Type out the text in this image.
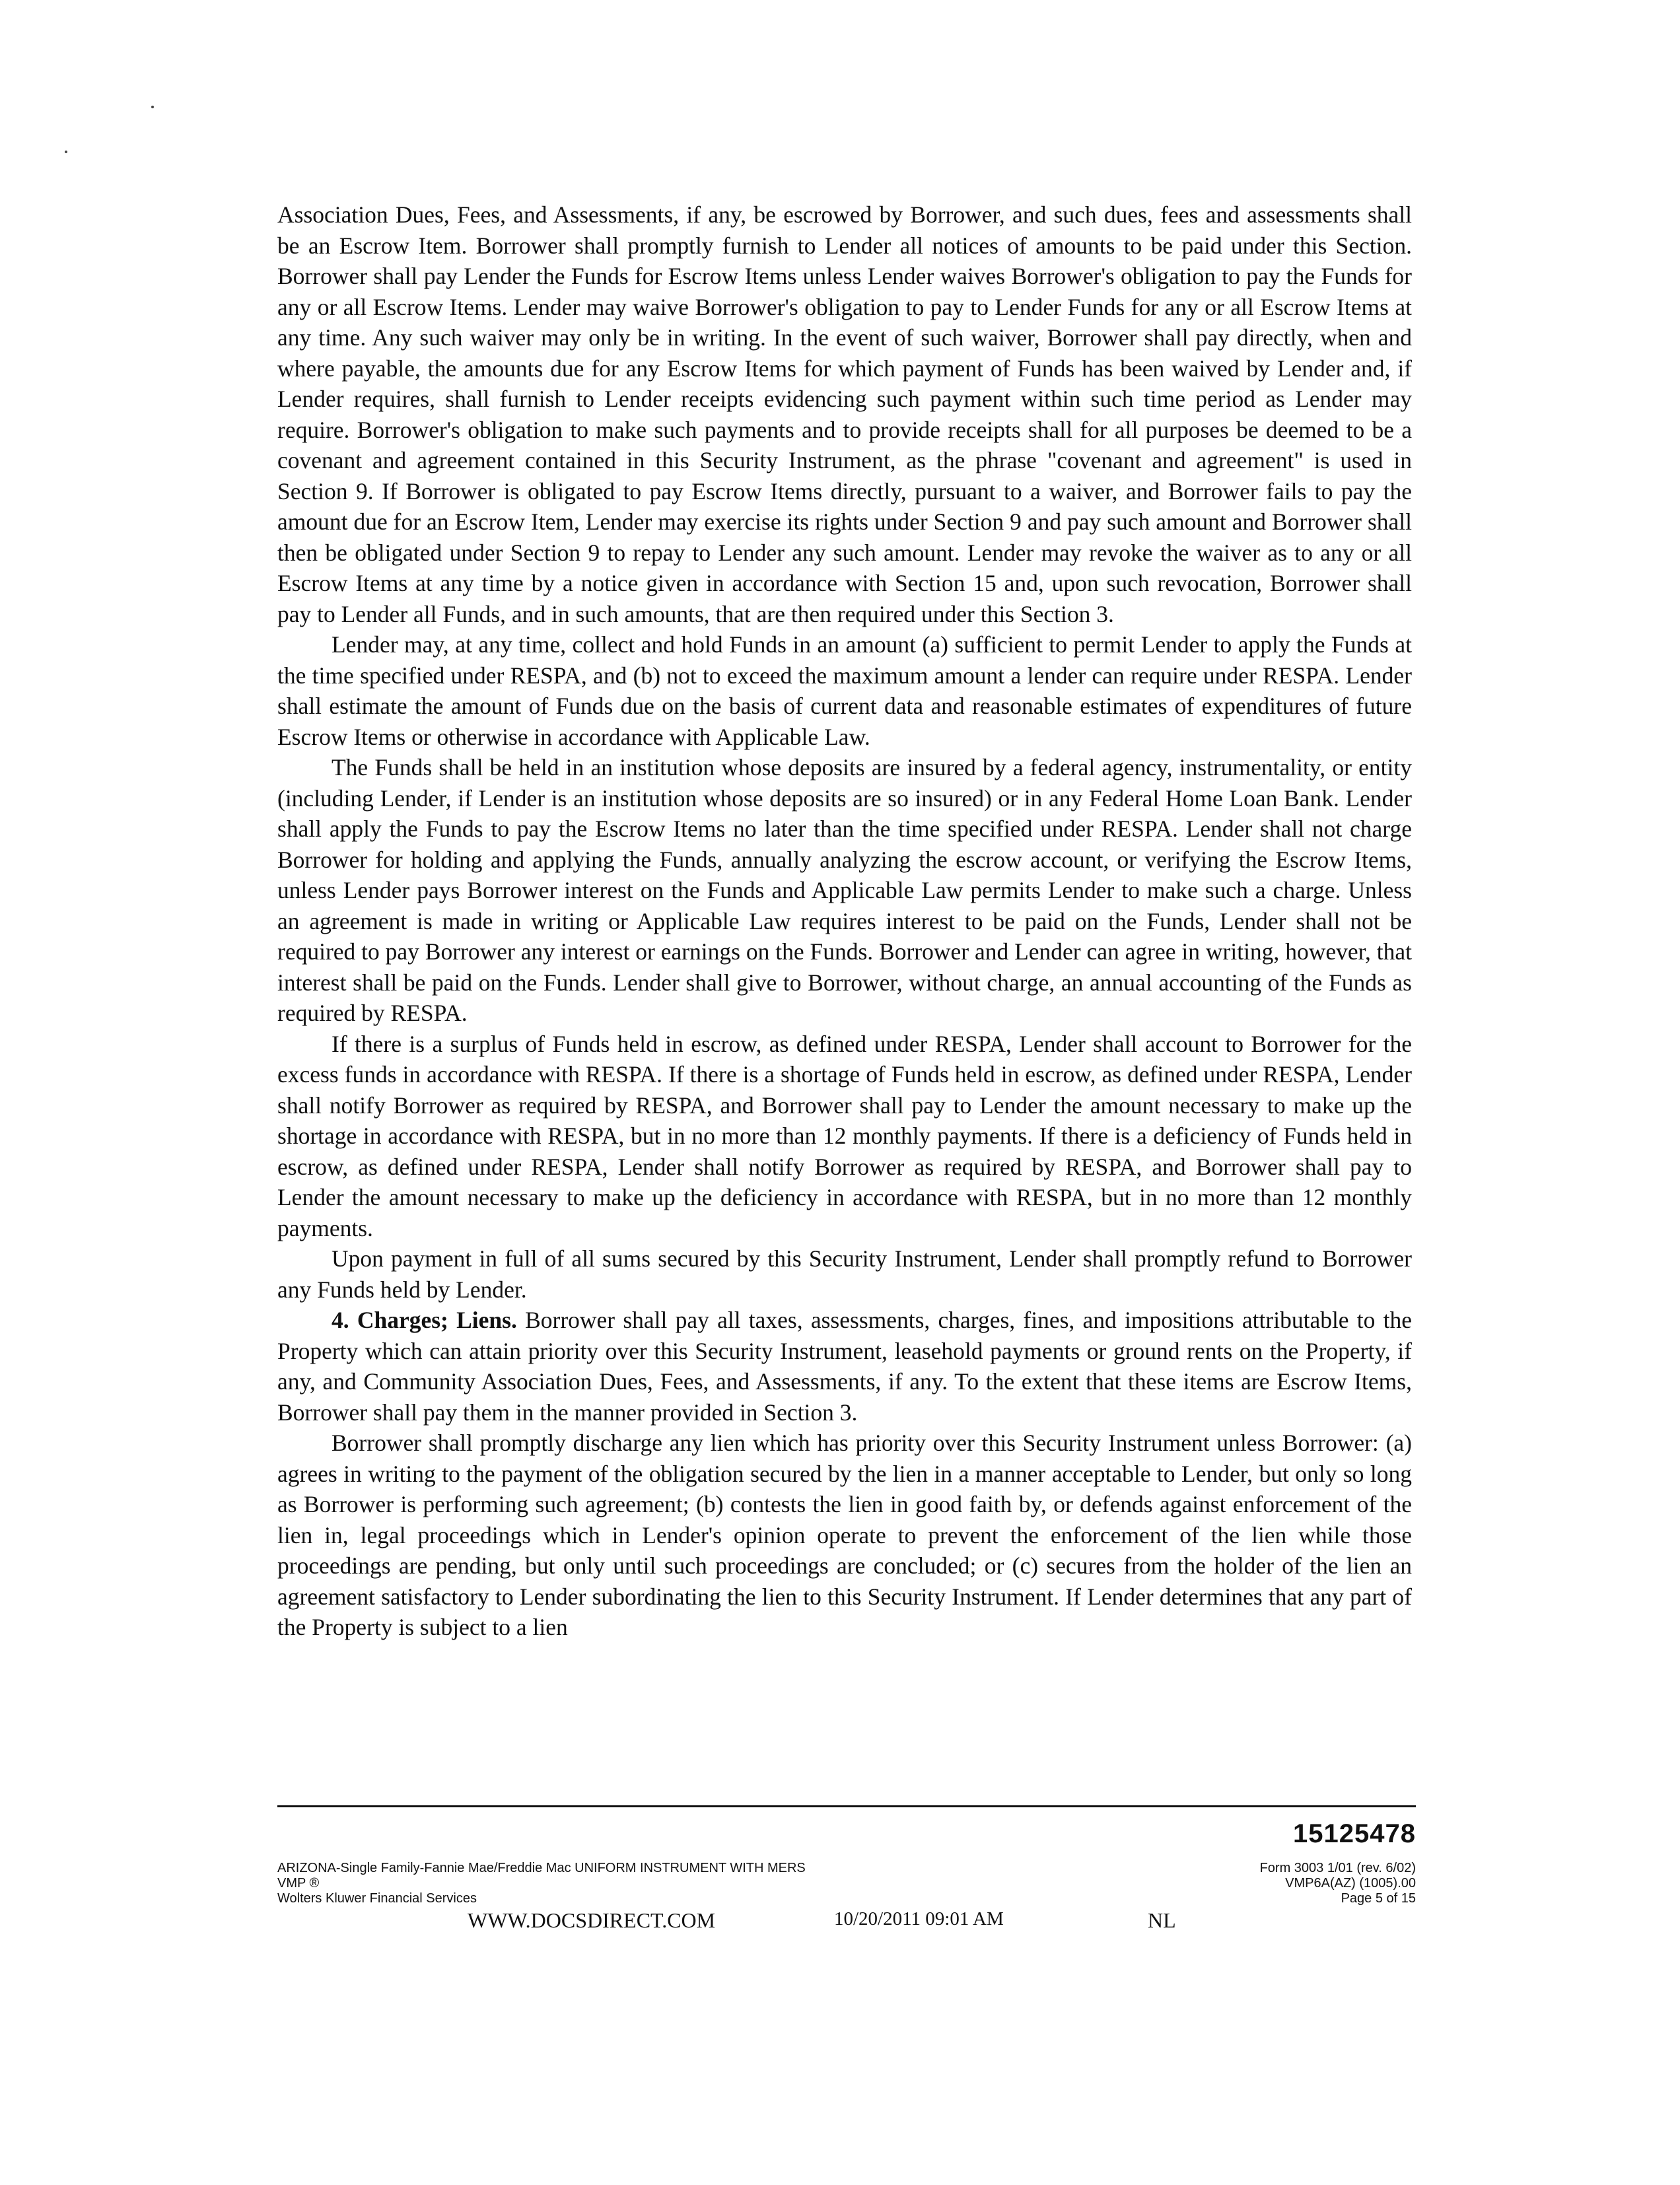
Association Dues, Fees, and Assessments, if any, be escrowed by Borrower, and such dues, fees and assessments shall be an Escrow Item. Borrower shall promptly furnish to Lender all notices of amounts to be paid under this Section. Borrower shall pay Lender the Funds for Escrow Items unless Lender waives Borrower's obligation to pay the Funds for any or all Escrow Items. Lender may waive Borrower's obligation to pay to Lender Funds for any or all Escrow Items at any time. Any such waiver may only be in writing. In the event of such waiver, Borrower shall pay directly, when and where payable, the amounts due for any Escrow Items for which payment of Funds has been waived by Lender and, if Lender requires, shall furnish to Lender receipts evidencing such payment within such time period as Lender may require. Borrower's obligation to make such payments and to provide receipts shall for all purposes be deemed to be a covenant and agreement contained in this Security Instrument, as the phrase "covenant and agreement" is used in Section 9. If Borrower is obligated to pay Escrow Items directly, pursuant to a waiver, and Borrower fails to pay the amount due for an Escrow Item, Lender may exercise its rights under Section 9 and pay such amount and Borrower shall then be obligated under Section 9 to repay to Lender any such amount. Lender may revoke the waiver as to any or all Escrow Items at any time by a notice given in accordance with Section 15 and, upon such revocation, Borrower shall pay to Lender all Funds, and in such amounts, that are then required under this Section 3.

Lender may, at any time, collect and hold Funds in an amount (a) sufficient to permit Lender to apply the Funds at the time specified under RESPA, and (b) not to exceed the maximum amount a lender can require under RESPA. Lender shall estimate the amount of Funds due on the basis of current data and reasonable estimates of expenditures of future Escrow Items or otherwise in accordance with Applicable Law.

The Funds shall be held in an institution whose deposits are insured by a federal agency, instrumentality, or entity (including Lender, if Lender is an institution whose deposits are so insured) or in any Federal Home Loan Bank. Lender shall apply the Funds to pay the Escrow Items no later than the time specified under RESPA. Lender shall not charge Borrower for holding and applying the Funds, annually analyzing the escrow account, or verifying the Escrow Items, unless Lender pays Borrower interest on the Funds and Applicable Law permits Lender to make such a charge. Unless an agreement is made in writing or Applicable Law requires interest to be paid on the Funds, Lender shall not be required to pay Borrower any interest or earnings on the Funds. Borrower and Lender can agree in writing, however, that interest shall be paid on the Funds. Lender shall give to Borrower, without charge, an annual accounting of the Funds as required by RESPA.

If there is a surplus of Funds held in escrow, as defined under RESPA, Lender shall account to Borrower for the excess funds in accordance with RESPA. If there is a shortage of Funds held in escrow, as defined under RESPA, Lender shall notify Borrower as required by RESPA, and Borrower shall pay to Lender the amount necessary to make up the shortage in accordance with RESPA, but in no more than 12 monthly payments. If there is a deficiency of Funds held in escrow, as defined under RESPA, Lender shall notify Borrower as required by RESPA, and Borrower shall pay to Lender the amount necessary to make up the deficiency in accordance with RESPA, but in no more than 12 monthly payments.

Upon payment in full of all sums secured by this Security Instrument, Lender shall promptly refund to Borrower any Funds held by Lender.

4. Charges; Liens. Borrower shall pay all taxes, assessments, charges, fines, and impositions attributable to the Property which can attain priority over this Security Instrument, leasehold payments or ground rents on the Property, if any, and Community Association Dues, Fees, and Assessments, if any. To the extent that these items are Escrow Items, Borrower shall pay them in the manner provided in Section 3.

Borrower shall promptly discharge any lien which has priority over this Security Instrument unless Borrower: (a) agrees in writing to the payment of the obligation secured by the lien in a manner acceptable to Lender, but only so long as Borrower is performing such agreement; (b) contests the lien in good faith by, or defends against enforcement of the lien in, legal proceedings which in Lender's opinion operate to prevent the enforcement of the lien while those proceedings are pending, but only until such proceedings are concluded; or (c) secures from the holder of the lien an agreement satisfactory to Lender subordinating the lien to this Security Instrument. If Lender determines that any part of the Property is subject to a lien

15125478
ARIZONA-Single Family-Fannie Mae/Freddie Mac UNIFORM INSTRUMENT WITH MERS
VMP ®
Wolters Kluwer Financial Services
Form 3003 1/01 (rev. 6/02)
VMP6A(AZ) (1005).00
Page 5 of 15
WWW.DOCSDIRECT.COM	10/20/2011 09:01 AM	NL
